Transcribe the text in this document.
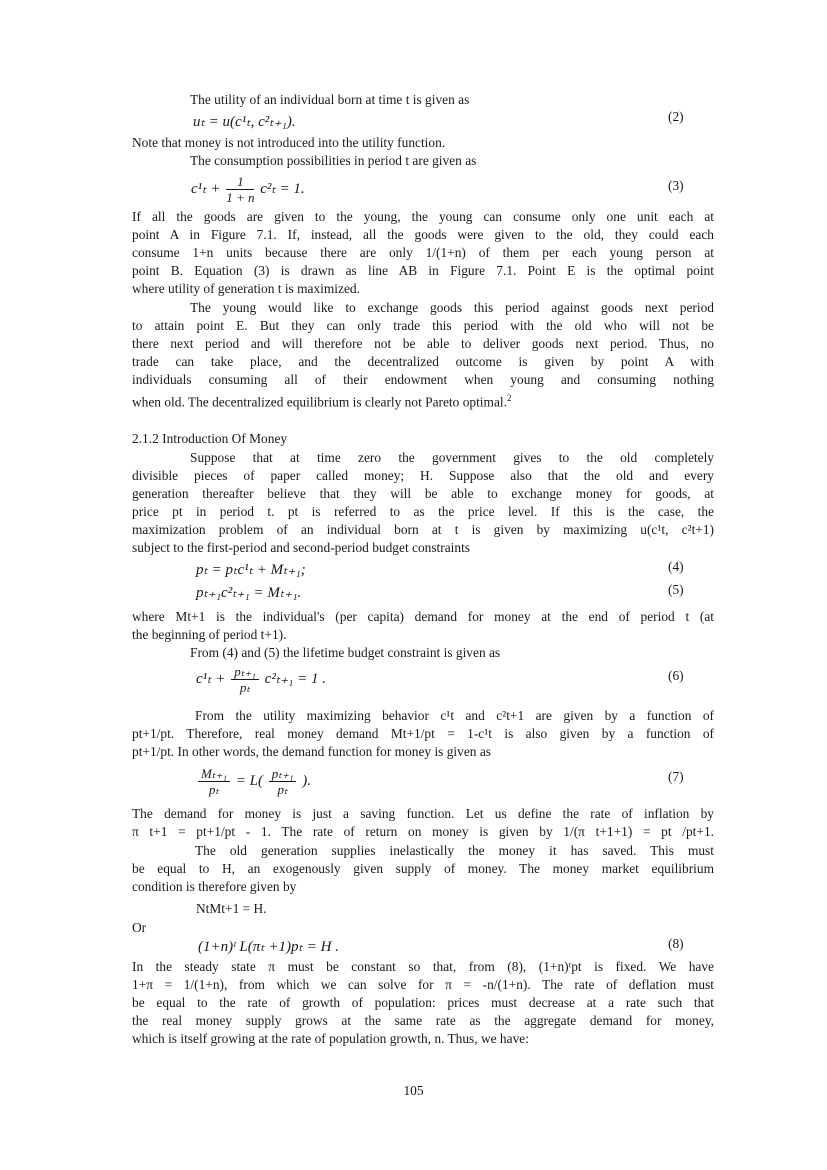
The utility of an individual born at time t is given as
uₜ = u(c¹ₜ, c²ₜ₊₁).	(2)
Note that money is not introduced into the utility function.
The consumption possibilities in period t are given as
$c^1_t + \frac{1}{1 + n} c^2_t = 1$.	(3)
If all the goods are given to the young, the young can consume only one unit each at
point A in Figure 7.1. If, instead, all the goods were given to the old, they could each
consume 1+n units because there are only 1/(1+n) of them per each young person at
point B. Equation (3) is drawn as line AB in Figure 7.1. Point E is the optimal point
where utility of generation t is maximized.
The young would like to exchange goods this period against goods next period
to attain point E. But they can only trade this period with the old who will not be
there next period and will therefore not be able to deliver goods next period. Thus, no
trade can take place, and the decentralized outcome is given by point A with
individuals consuming all of their endowment when young and consuming nothing
when old. The decentralized equilibrium is clearly not Pareto optimal.$^2$
2.1.2 Introduction Of Money
Suppose that at time zero the government gives to the old completely
divisible pieces of paper called money; H. Suppose also that the old and every
generation thereafter believe that they will be able to exchange money for goods, at
price pt in period t. pt is referred to as the price level. If this is the case, the
maximization problem of an individual born at t is given by maximizing u(c¹t, c²t+1)
subject to the first-period and second-period budget constraints
pₜ = pₜc¹ₜ + Mₜ₊₁;	(4)
pₜ₊₁c²ₜ₊₁ = Mₜ₊₁.	(5)
where Mt+1 is the individual's (per capita) demand for money at the end of period t (at
the beginning of period t+1).
From (4) and (5) the lifetime budget constraint is given as
$c^1_t + \frac{\text{pₜ₊₁}}{\text{pₜ}} c^2_{t+1} = 1$ .	(6)
From the utility maximizing behavior c¹t and c²t+1 are given by a function of
pt+1/pt. Therefore, real money demand Mt+1/pt = 1-c¹t is also given by a function of
pt+1/pt. In other words, the demand function for money is given as
$\frac{\text{Mₜ₊₁}}{\text{pₜ}} = L( \frac{\text{pₜ₊₁}}{\text{pₜ}}$ ).	(7)
The demand for money is just a saving function. Let us define the rate of inflation by
π t+1 = pt+1/pt - 1. The rate of return on money is given by 1/(π t+1+1) = pt /pt+1.
The old generation supplies inelastically the money it has saved. This must
be equal to H, an exogenously given supply of money. The money market equilibrium
condition is therefore given by
NtMt+1 = H.
Or
(1+n)ᵗ L(πₜ +1)pₜ = H .	(8)
In the steady state π must be constant so that, from (8), (1+n)ᵗpt is fixed. We have
1+π = 1/(1+n), from which we can solve for π = -n/(1+n). The rate of deflation must
be equal to the rate of growth of population: prices must decrease at a rate such that
the real money supply grows at the same rate as the aggregate demand for money,
which is itself growing at the rate of population growth, n. Thus, we have:
105
